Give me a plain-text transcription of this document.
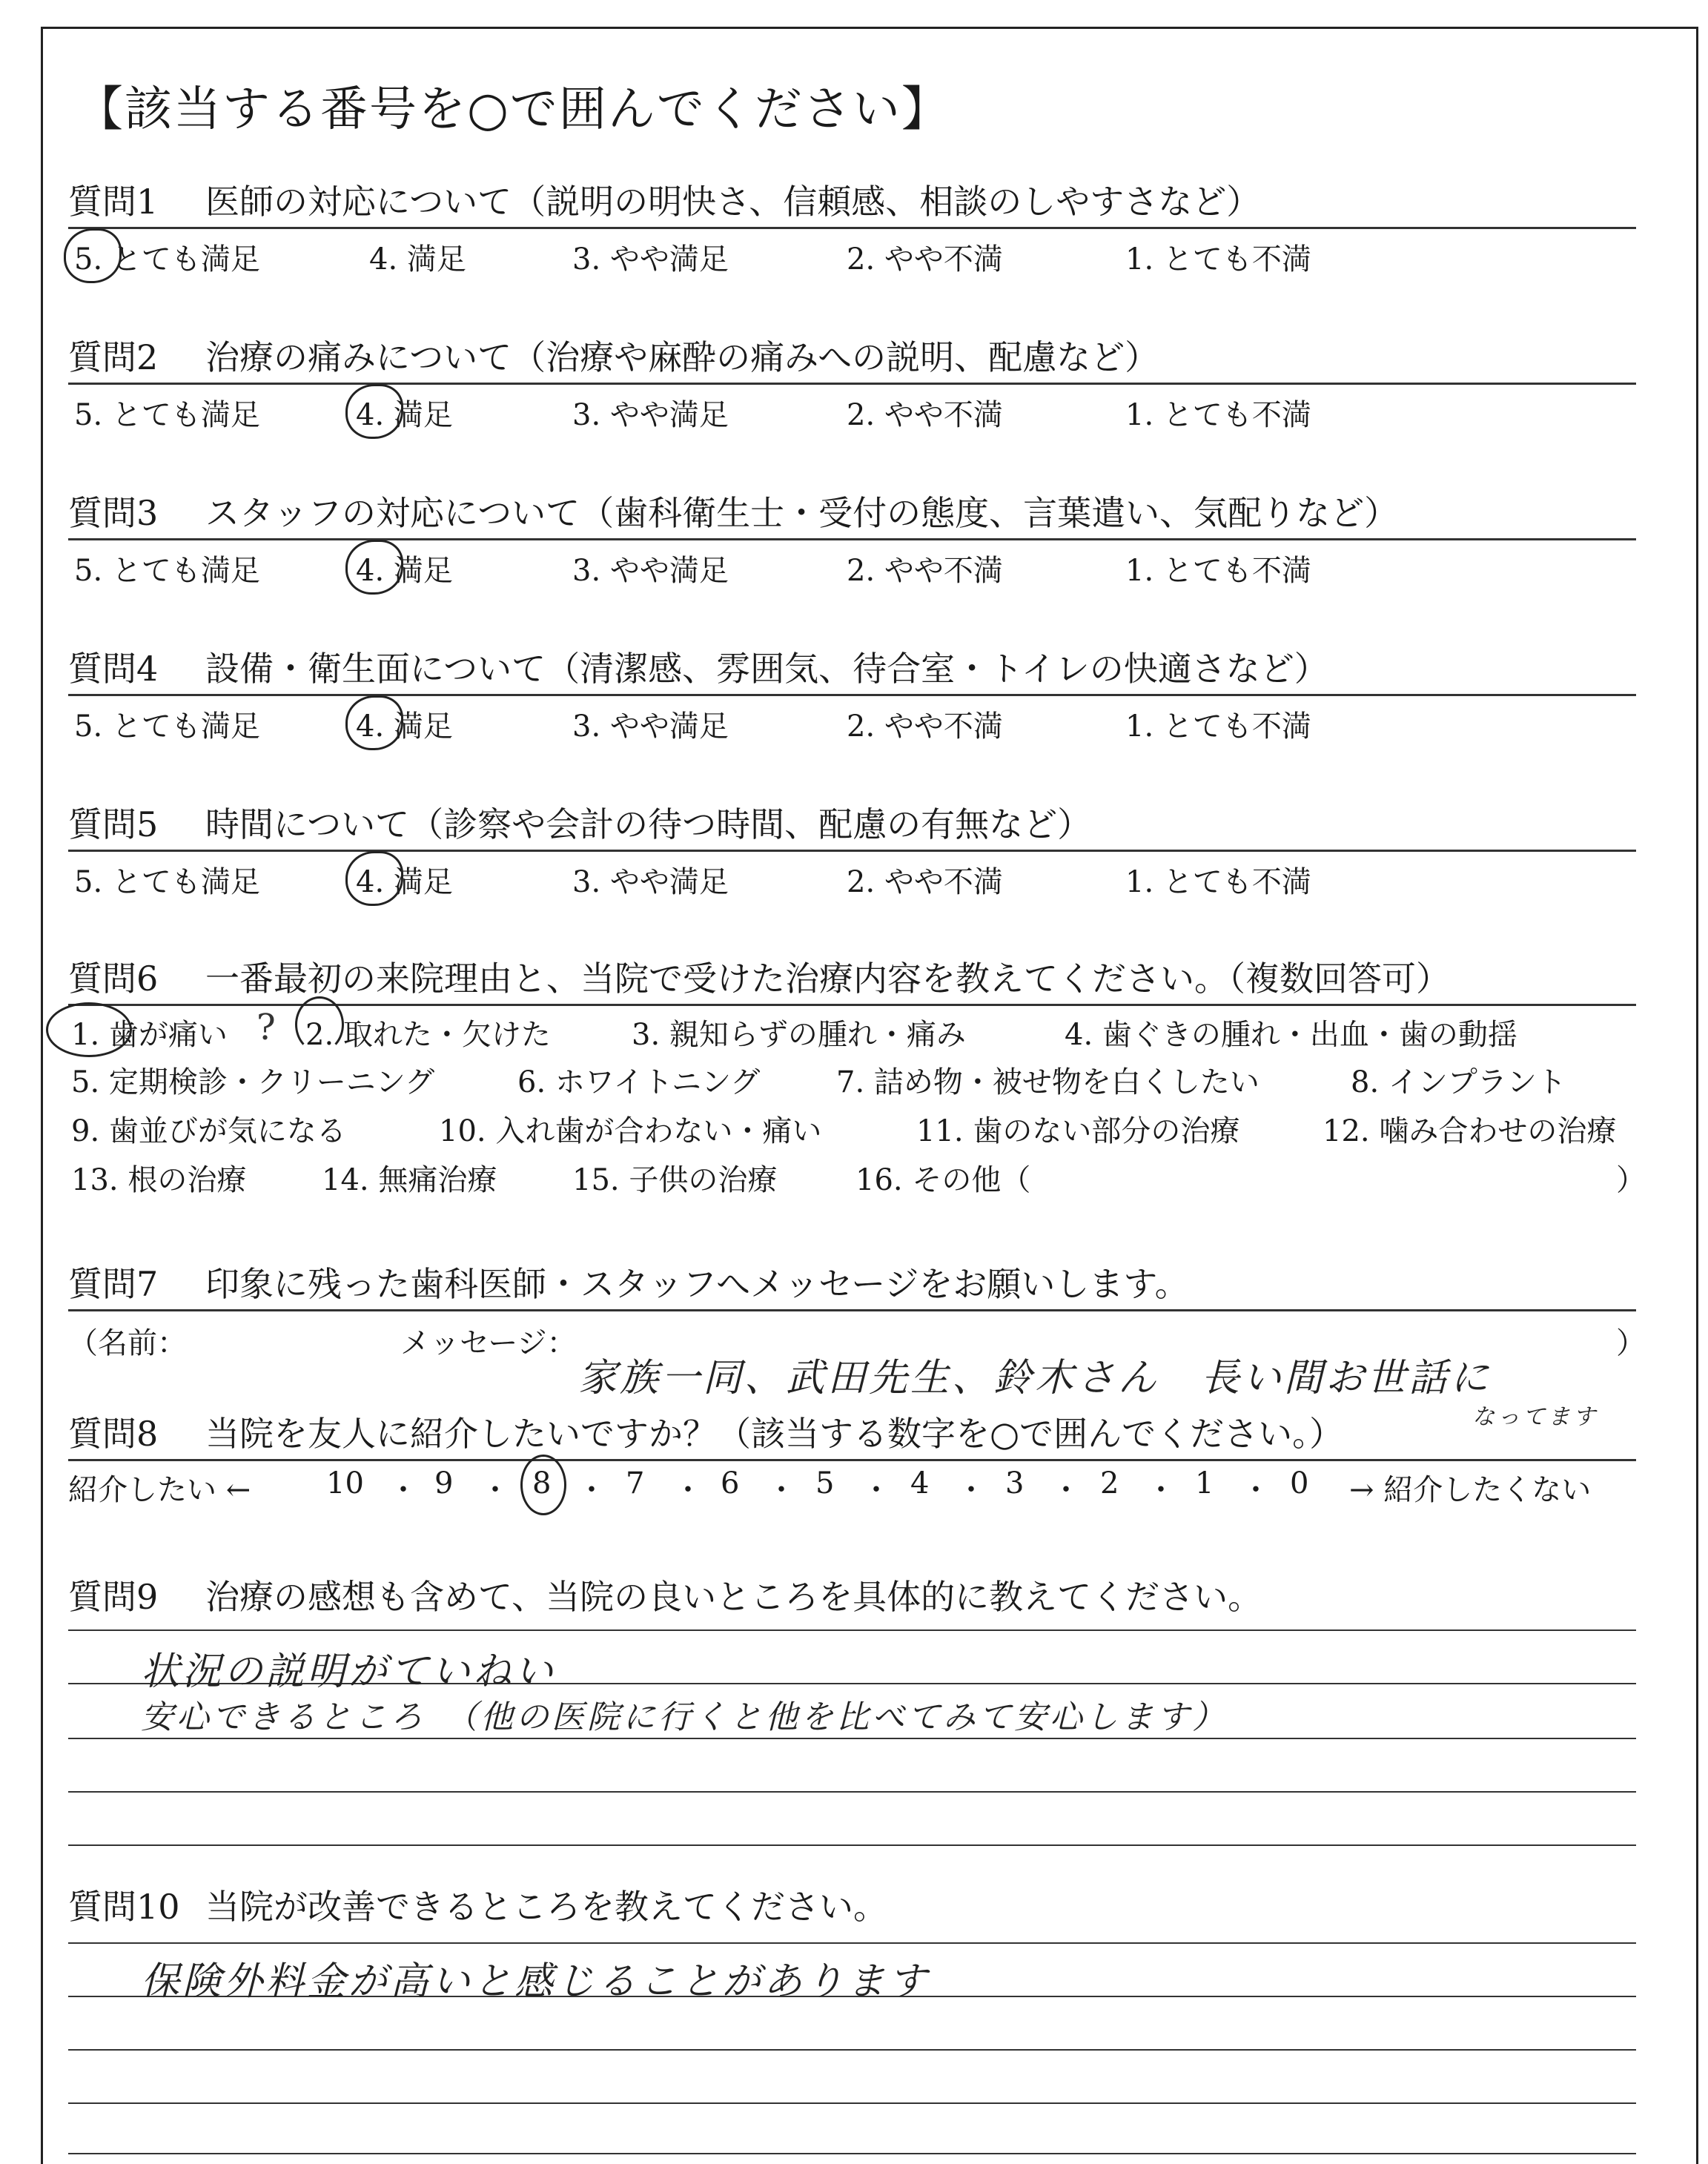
【該当する番号を○で囲んでください】
質問1 医師の対応について（説明の明快さ、信頼感、相談のしやすさなど）
5. とても満足	4. 満足	3. やや満足	2. やや不満	1. とても不満
質問2 治療の痛みについて（治療や麻酔の痛みへの説明、配慮など）
5. とても満足	4. 満足	3. やや満足	2. やや不満	1. とても不満
質問3 スタッフの対応について（歯科衛生士・受付の態度、言葉遣い、気配りなど）
5. とても満足	4. 満足	3. やや満足	2. やや不満	1. とても不満
質問4 設備・衛生面について（清潔感、雰囲気、待合室・トイレの快適さなど）
5. とても満足	4. 満足	3. やや満足	2. やや不満	1. とても不満
質問5 時間について（診察や会計の待つ時間、配慮の有無など）
5. とても満足	4. 満足	3. やや満足	2. やや不満	1. とても不満
質問6 一番最初の来院理由と、当院で受けた治療内容を教えてください。（複数回答可）
1. 歯が痛い ? 2. 取れた・欠けた	3. 親知らずの腫れ・痛み	4. 歯ぐきの腫れ・出血・歯の動揺
5. 定期検診・クリーニング	6. ホワイトニング	7. 詰め物・被せ物を白くしたい	8. インプラント
9. 歯並びが気になる	10. 入れ歯が合わない・痛い	11. 歯のない部分の治療	12. 噛み合わせの治療
13. 根の治療	14. 無痛治療	15. 子供の治療	16. その他（	）
質問7 印象に残った歯科医師・スタッフへメッセージをお願いします。
（名前：	メッセージ：	）
家族一同、武田先生、鈴木さん　長い間お世話に
なってます
質問8 当院を友人に紹介したいですか？（該当する数字を○で囲んでください。）
紹介したい ←	10 ・ 9 ・ 8 ・ 7 ・ 6 ・ 5 ・ 4 ・ 3 ・ 2 ・ 1 ・ 0 → 紹介したくない
質問9 治療の感想も含めて、当院の良いところを具体的に教えてください。
状況の説明がていねい
安心できるところ　（他の医院に行くと他を比べてみて安心します）
質問10 当院が改善できるところを教えてください。
保険外料金が高いと感じることがあります
